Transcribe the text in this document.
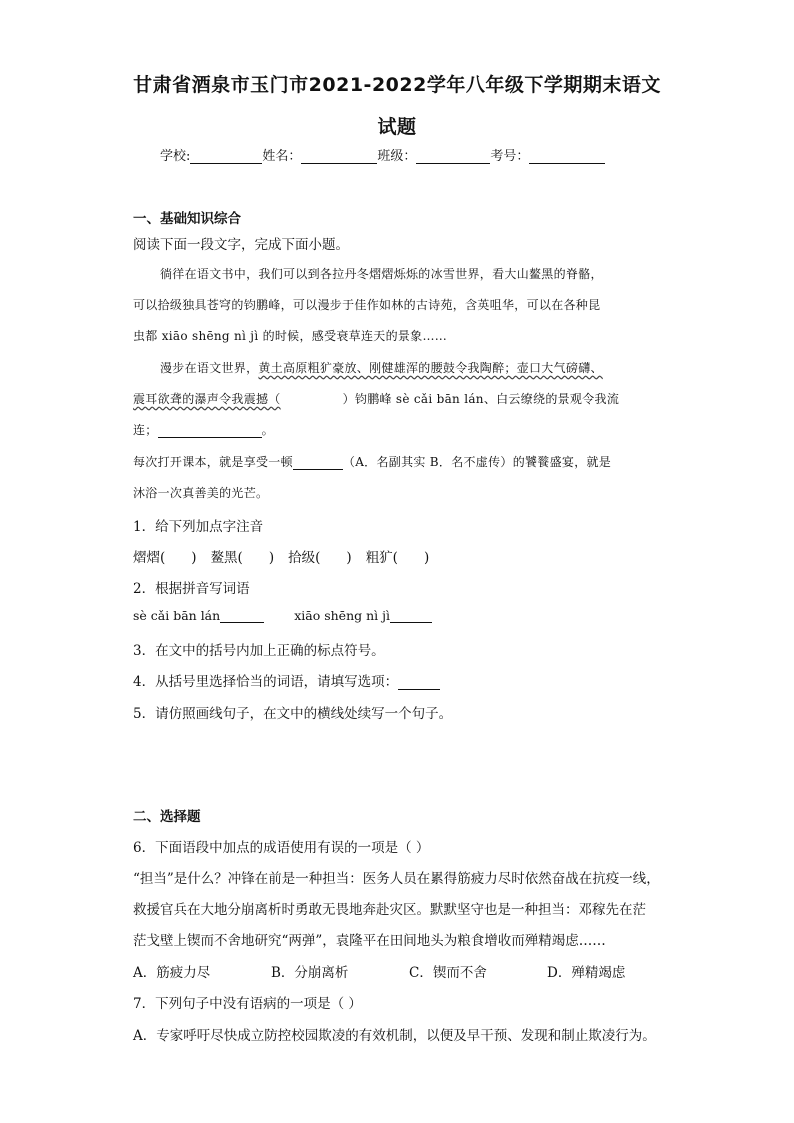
甘肃省酒泉市玉门市2021-2022学年八年级下学期期末语文
试题
学校:	姓名：	班级：	考号：
一、基础知识综合
阅读下面一段文字，完成下面小题。
徜徉在语文书中，我们可以到各拉丹冬熠熠烁烁的冰雪世界，看大山鳌黑的脊骼，
可以拾级独具苍穹的钧鹏峰，可以漫步于佳作如林的古诗苑，含英咀华，可以在各种昆
虫都 xiāo shēng nì jì 的时候，感受衰草连天的景象……
漫步在语文世界，黄土高原粗犷豪放、刚健雄浑的腰鼓令我陶醉；壶口大气磅礴、
震耳欲聋的瀑声令我震撼（	）钧鹏峰 sè cǎi bān lán、白云缭绕的景观令我流
连；	。
每次打开课本，就是享受一顿	（A．名副其实 B．名不虚传）的饕餮盛宴，就是
沐浴一次真善美的光芒。
1．给下列加点字注音
熠熠( ) 鳌黑( ) 拾级( ) 粗犷( )
2．根据拼音写词语
sè cǎi bān lán	xiāo shēng nì jì
3．在文中的括号内加上正确的标点符号。
4．从括号里选择恰当的词语，请填写选项：
5．请仿照画线句子，在文中的横线处续写一个句子。
二、选择题
6．下面语段中加点的成语使用有误的一项是（ ）
“担当”是什么？冲锋在前是一种担当：医务人员在累得筋疲力尽时依然奋战在抗疫一线，
救援官兵在大地分崩离析时勇敢无畏地奔赴灾区。默默坚守也是一种担当：邓稼先在茫
茫戈壁上锲而不舍地研究“两弹”，袁隆平在田间地头为粮食增收而殚精竭虑……
A．筋疲力尽	B．分崩离析	C．锲而不舍	D．殚精竭虑
7．下列句子中没有语病的一项是（ ）
A．专家呼吁尽快成立防控校园欺凌的有效机制，以便及早干预、发现和制止欺凌行为。
